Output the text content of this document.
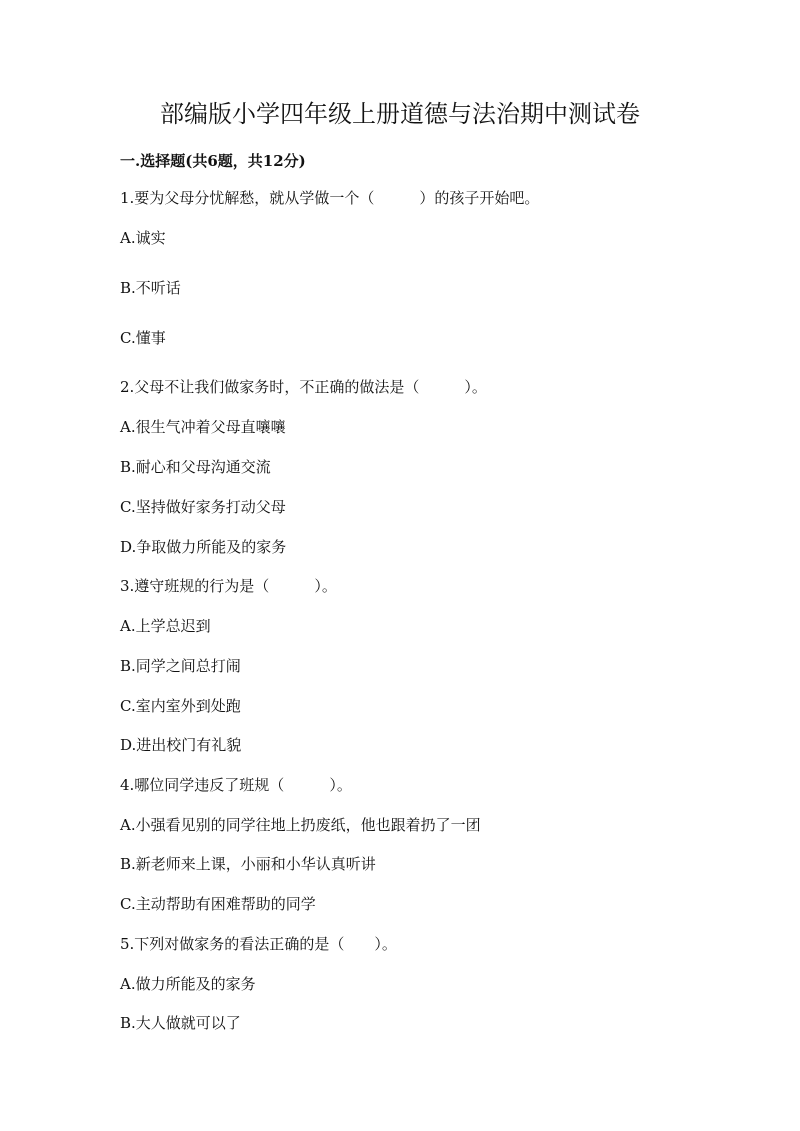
部编版小学四年级上册道德与法治期中测试卷
一.选择题(共6题，共12分)
1.要为父母分忧解愁，就从学做一个（　　　）的孩子开始吧。
A.诚实
B.不听话
C.懂事
2.父母不让我们做家务时，不正确的做法是（　　　）。
A.很生气冲着父母直嚷嚷
B.耐心和父母沟通交流
C.坚持做好家务打动父母
D.争取做力所能及的家务
3.遵守班规的行为是（　　　）。
A.上学总迟到
B.同学之间总打闹
C.室内室外到处跑
D.进出校门有礼貌
4.哪位同学违反了班规（　　　）。
A.小强看见别的同学往地上扔废纸，他也跟着扔了一团
B.新老师来上课，小丽和小华认真听讲
C.主动帮助有困难帮助的同学
5.下列对做家务的看法正确的是（　　）。
A.做力所能及的家务
B.大人做就可以了
